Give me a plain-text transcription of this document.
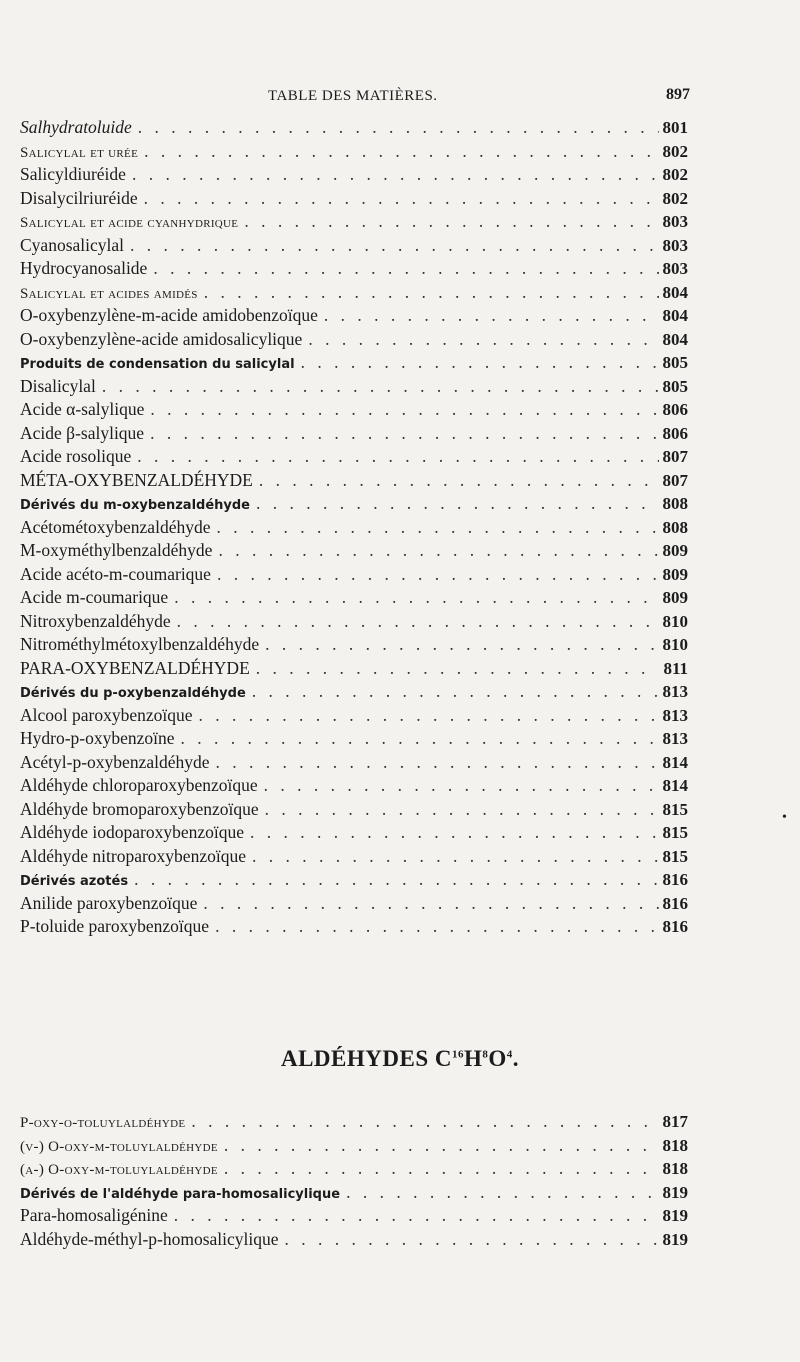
TABLE DES MATIÈRES.	897
Salhydratoluide . . .	801
Salicylal et urée . . .	802
Salicyldiuréide . . .	802
Disalycilriuréide . . .	802
Salicylal et acide cyanhydrique . . .	803
Cyanosalicylal . . .	803
Hydrocyanosalide . . .	803
Salicylal et acides amidés . . .	804
O-oxybenzylène-m-acide amidobenzoïque . . .	804
O-oxybenzylène-acide amidosalicylique . . .	804
Produits de condensation du salicylal . . .	805
Disalicylal . . .	805
Acide α-salylique . . .	806
Acide β-salylique . . .	806
Acide rosolique . . .	807
MÉTA-OXYBENZALDÉHYDE . . .	807
Dérivés du m-oxybenzaldéhyde . . .	808
Acétométoxybenzaldéhyde . . .	808
M-oxyméthylbenzaldéhyde . . .	809
Acide acéto-m-coumarique . . .	809
Acide m-coumarique . . .	809
Nitroxybenzaldéhyde . . .	810
Nitrométhylmétoxylbenzaldéhyde . . .	810
PARA-OXYBENZALDÉHYDE . . .	811
Dérivés du p-oxybenzaldéhyde . . .	813
Alcool paroxybenzoïque . . .	813
Hydro-p-oxybenzoïne . . .	813
Acétyl-p-oxybenzaldéhyde . . .	814
Aldéhyde chloroparoxybenzoïque . . .	814
Aldéhyde bromoparoxybenzoïque . . .	815
Aldéhyde iodoparoxybenzoïque . . .	815
Aldéhyde nitroparoxybenzoïque . . .	815
Dérivés azotés . . .	816
Anilide paroxybenzoïque . . .	816
P-toluide paroxybenzoïque . . .	816
ALDÉHYDES $C^{16}H^8O^4$.
P-oxy-o-toluylaldéhyde . . .	817
(v-) O-oxy-m-toluylaldéhyde . . .	818
(a-) O-oxy-m-toluylaldéhyde . . .	818
Dérivés de l'aldéhyde para-homosalicylique . . .	819
Para-homosaligénine . . .	819
Aldéhyde-méthyl-p-homosalicylique . . .	819
•
